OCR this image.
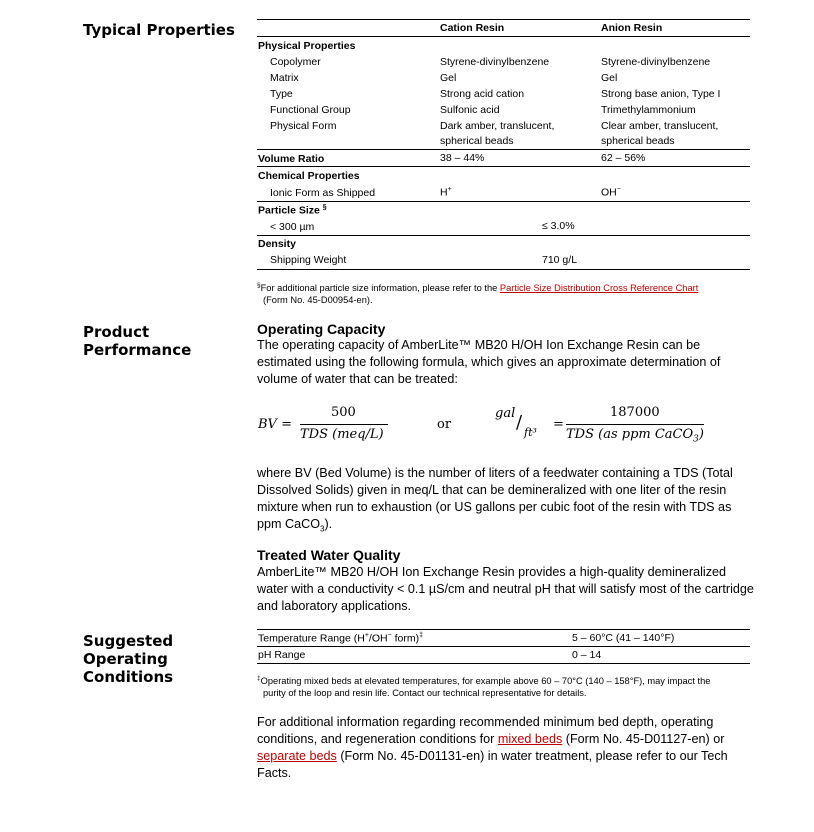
Typical Properties
Product
Performance
Suggested
Operating
Conditions
Cation Resin	Anion Resin
Physical Properties
Copolymer	Styrene-divinylbenzene	Styrene-divinylbenzene
Matrix	Gel	Gel
Type	Strong acid cation	Strong base anion, Type I
Functional Group	Sulfonic acid	Trimethylammonium
Physical Form	Dark amber, translucent,	Clear amber, translucent,
spherical beads	spherical beads
Volume Ratio	38 – 44%	62 – 56%
Chemical Properties
Ionic Form as Shipped	H+	OH−
Particle Size §
< 300 µm	≤ 3.0%
Density
Shipping Weight	710 g/L
§For additional particle size information, please refer to the Particle Size Distribution Cross Reference Chart
(Form No. 45-D00954-en).
Operating Capacity
The operating capacity of AmberLite™ MB20 H/OH Ion Exchange Resin can be estimated using the following formula, which gives an approximate determination of volume of water that can be treated:
BV =
500
TDS (meq/L)
or
gal / ft³
=
187000
TDS (as ppm CaCO$_3$)
where BV (Bed Volume) is the number of liters of a feedwater containing a TDS (Total Dissolved Solids) given in meq/L that can be demineralized with one liter of the resin mixture when run to exhaustion (or US gallons per cubic foot of the resin with TDS as ppm CaCO$_3$).
Treated Water Quality
AmberLite™ MB20 H/OH Ion Exchange Resin provides a high-quality demineralized water with a conductivity < 0.1 µS/cm and neutral pH that will satisfy most of the cartridge and laboratory applications.
Temperature Range (H+/OH− form)‡	5 – 60°C (41 – 140°F)
pH Range	0 – 14
‡Operating mixed beds at elevated temperatures, for example above 60 – 70°C (140 – 158°F), may impact the
purity of the loop and resin life. Contact our technical representative for details.
For additional information regarding recommended minimum bed depth, operating conditions, and regeneration conditions for mixed beds (Form No. 45-D01127-en) or separate beds (Form No. 45-D01131-en) in water treatment, please refer to our Tech Facts.
